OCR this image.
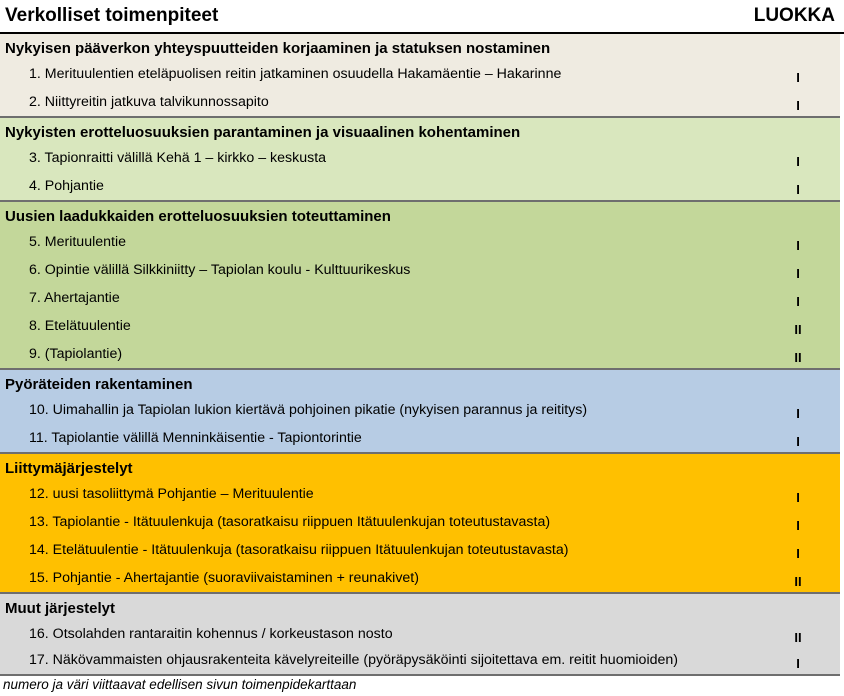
Verkolliset toimenpiteet	LUOKKA
Nykyisen pääverkon yhteyspuutteiden korjaaminen ja statuksen nostaminen
1. Merituulentien eteläpuolisen reitin jatkaminen osuudella Hakamäentie – Hakarinne	I
2. Niittyreitin jatkuva talvikunnossapito	I
Nykyisten erotteluosuuksien parantaminen ja visuaalinen kohentaminen
3. Tapionraitti välillä Kehä 1 – kirkko – keskusta	I
4. Pohjantie	I
Uusien laadukkaiden erotteluosuuksien toteuttaminen
5. Merituulentie	I
6. Opintie välillä Silkkiniitty – Tapiolan koulu - Kulttuurikeskus	I
7. Ahertajantie	I
8. Etelätuulentie	II
9. (Tapiolantie)	II
Pyöräteiden rakentaminen
10. Uimahallin ja Tapiolan lukion kiertävä pohjoinen pikatie (nykyisen parannus ja reititys)	I
11. Tapiolantie välillä Menninkäisentie - Tapiontorintie	I
Liittymäjärjestelyt
12. uusi tasoliittymä Pohjantie – Merituulentie	I
13. Tapiolantie - Itätuulenkuja (tasoratkaisu riippuen Itätuulenkujan toteutustavasta)	I
14. Etelätuulentie - Itätuulenkuja (tasoratkaisu riippuen Itätuulenkujan toteutustavasta)	I
15. Pohjantie - Ahertajantie (suoraviivaistaminen + reunakivet)	II
Muut järjestelyt
16. Otsolahden rantaraitin kohennus / korkeustason nosto	II
17. Näkövammaisten ohjausrakenteita kävelyreiteille (pyöräpysäköinti sijoitettava em. reitit huomioiden)	I
numero ja väri viittaavat edellisen sivun toimenpidekarttaan
